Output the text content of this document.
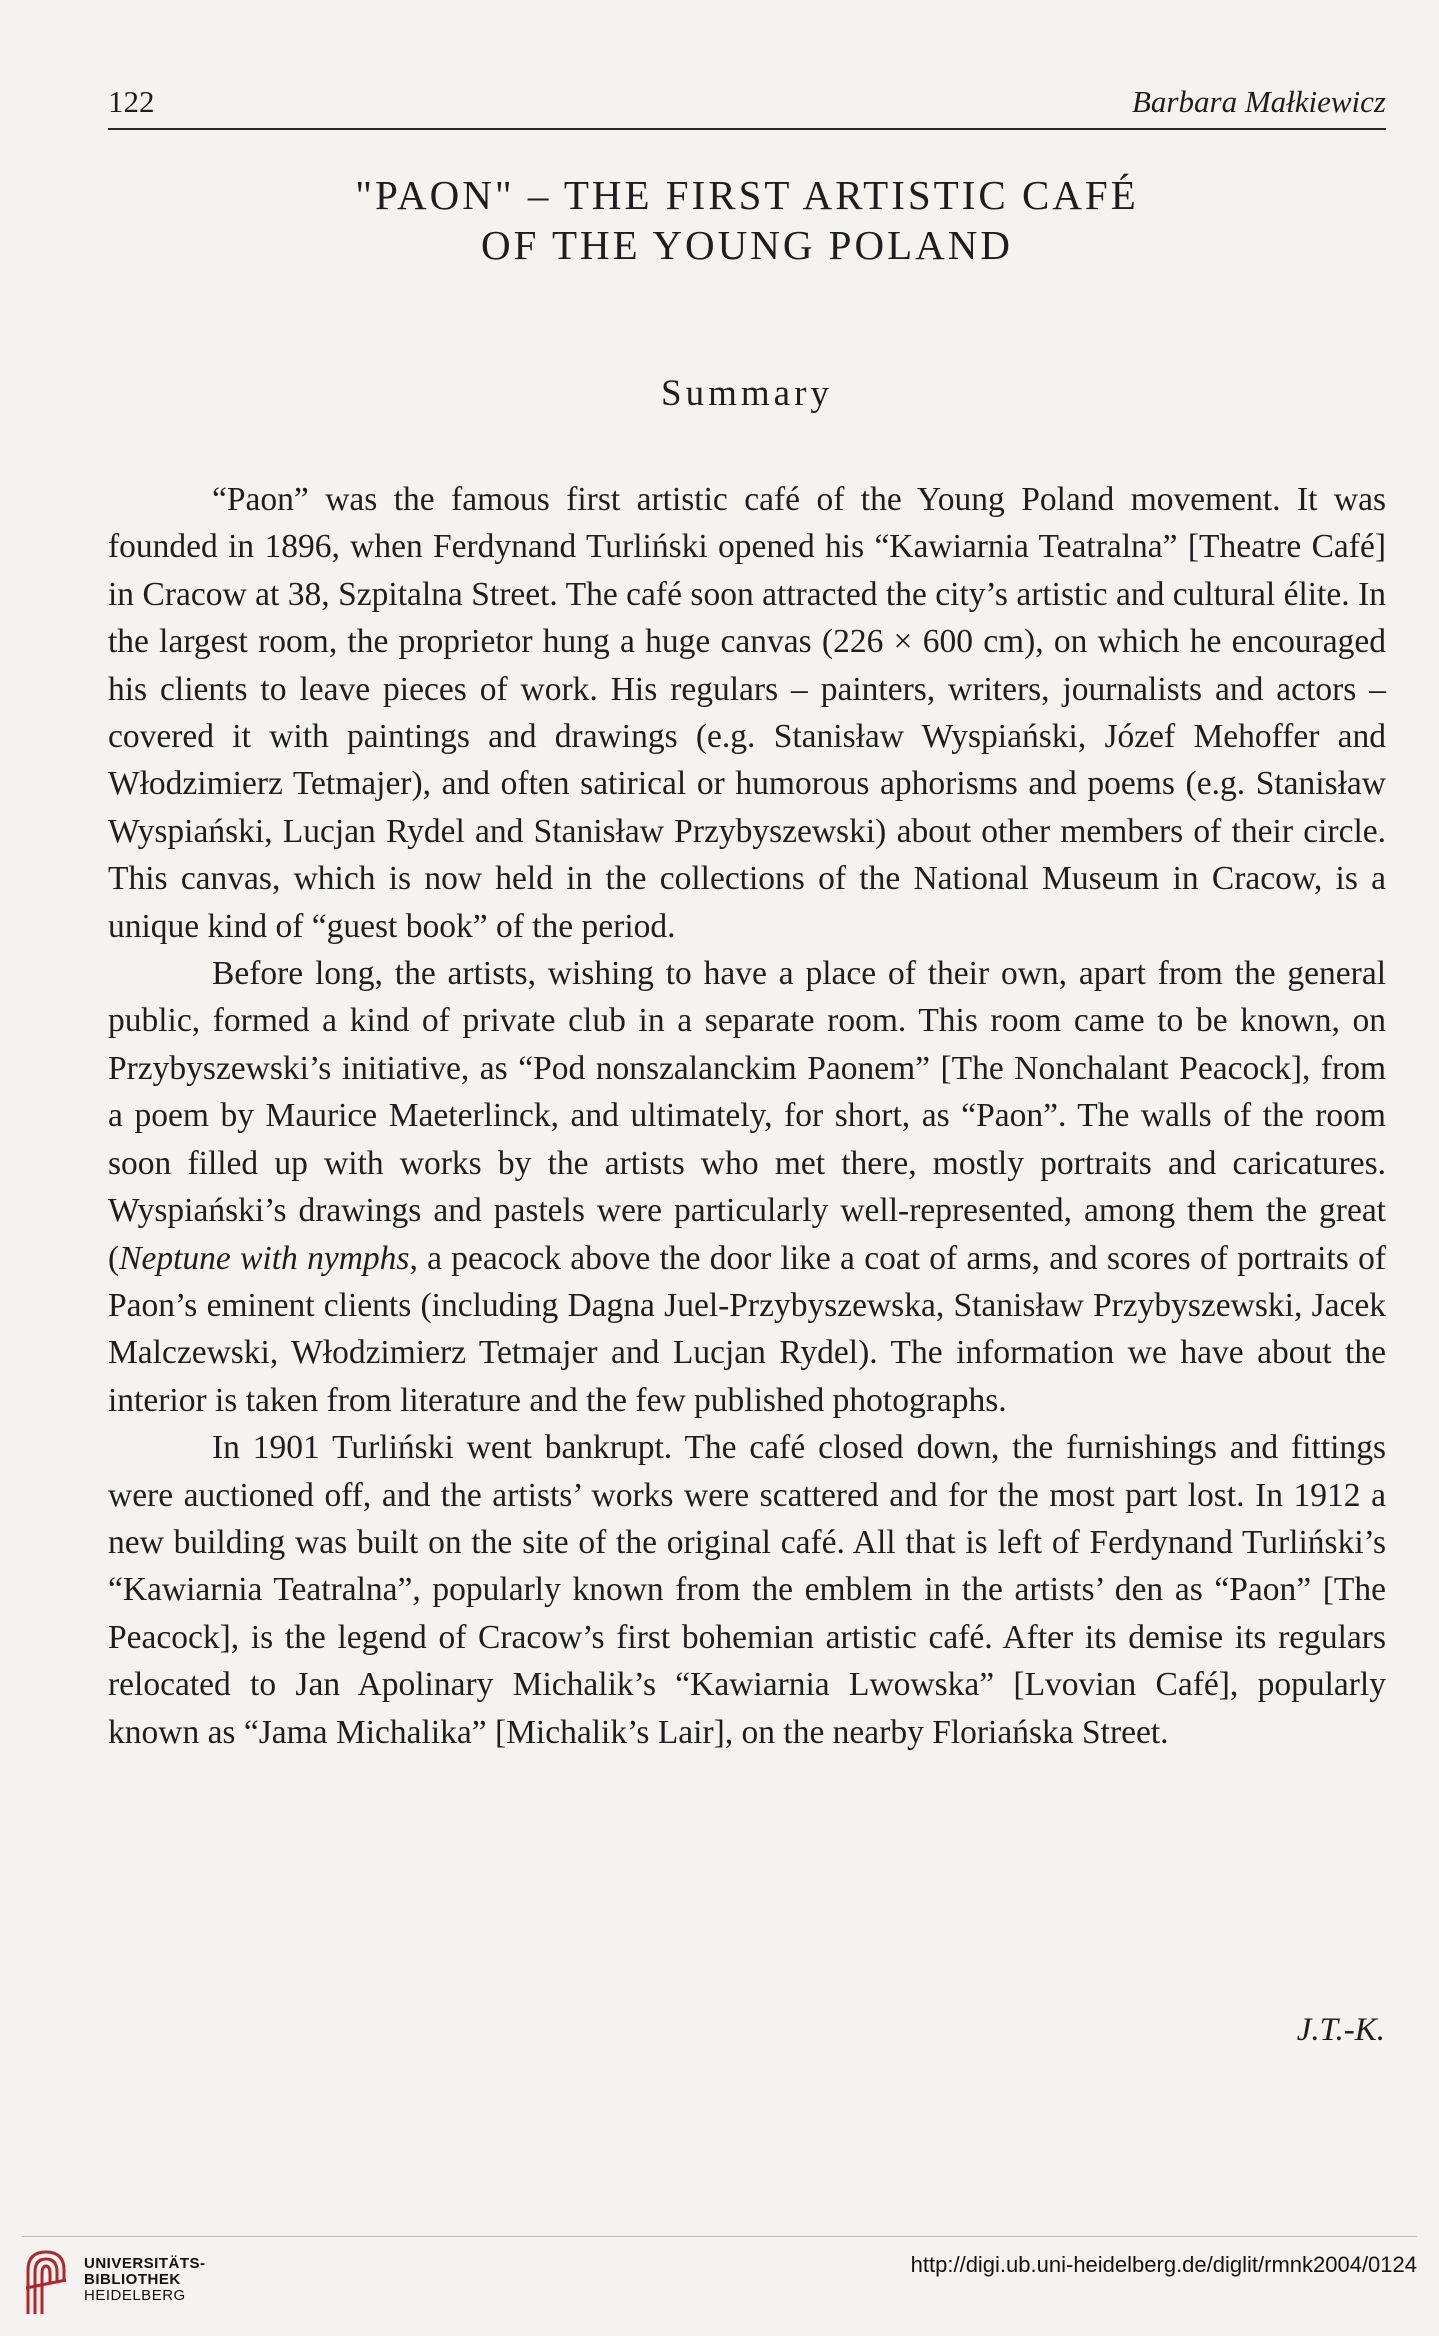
122	Barbara Małkiewicz
"PAON" – THE FIRST ARTISTIC CAFÉ
OF THE YOUNG POLAND
Summary

“Paon” was the famous first artistic café of the Young Poland movement. It was founded in 1896, when Ferdynand Turliński opened his “Kawiarnia Teatralna” [Theatre Café] in Cracow at 38, Szpitalna Street. The café soon attracted the city’s artistic and cultural élite. In the largest room, the proprietor hung a huge canvas (226 × 600 cm), on which he encouraged his clients to leave pieces of work. His regulars – painters, writers, journalists and actors – covered it with paintings and drawings (e.g. Stanisław Wyspiański, Józef Mehoffer and Włodzimierz Tetmajer), and often satirical or humorous aphorisms and poems (e.g. Stanisław Wyspiański, Lucjan Rydel and Stanisław Przybyszewski) about other members of their circle. This canvas, which is now held in the collections of the National Museum in Cracow, is a unique kind of “guest book” of the period.

Before long, the artists, wishing to have a place of their own, apart from the general public, formed a kind of private club in a separate room. This room came to be known, on Przybyszewski’s initiative, as “Pod nonszalanckim Paonem” [The Nonchalant Peacock], from a poem by Maurice Maeterlinck, and ultimately, for short, as “Paon”. The walls of the room soon filled up with works by the artists who met there, mostly portraits and caricatures. Wyspiański’s drawings and pastels were particularly well-represented, among them the great (Neptune with nymphs, a peacock above the door like a coat of arms, and scores of portraits of Paon’s eminent clients (including Dagna Juel-Przybyszewska, Stanisław Przybyszewski, Jacek Malczewski, Włodzimierz Tetmajer and Lucjan Rydel). The information we have about the interior is taken from literature and the few published photographs.

In 1901 Turliński went bankrupt. The café closed down, the furnishings and fittings were auctioned off, and the artists’ works were scattered and for the most part lost. In 1912 a new building was built on the site of the original café. All that is left of Ferdynand Turliński’s “Kawiarnia Teatralna”, popularly known from the emblem in the artists’ den as “Paon” [The Peacock], is the legend of Cracow’s first bohemian artistic café. After its demise its regulars relocated to Jan Apolinary Michalik’s “Kawiarnia Lwowska” [Lvovian Café], popularly known as “Jama Michalika” [Michalik’s Lair], on the nearby Floriańska Street.

J.T.-K.
UNIVERSITÄTS-
BIBLIOTHEK
HEIDELBERG
http://digi.ub.uni-heidelberg.de/diglit/rmnk2004/0124
